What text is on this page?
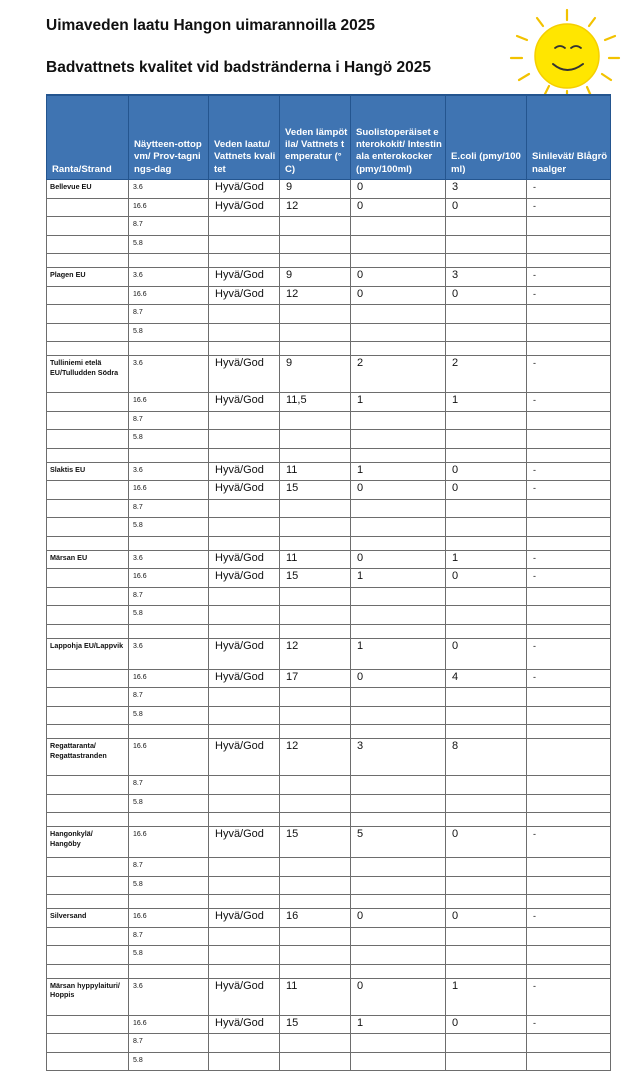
Uimaveden laatu Hangon uimarannoilla 2025
Badvattnets kvalitet vid badstränderna i Hangö 2025
Ranta/Strand	Näytteen-ottopvm/ Prov-tagnings-dag	Veden laatu/ Vattnets kvalitet	Veden lämpötila/ Vattnets temperatur (°C)	Suolistoperäiset enterokokit/ Intestinala enterokocker (pmy/100ml)	E.coli (pmy/100ml)	Sinilevät/ Blågrönaalger
Bellevue EU	3.6	Hyvä/God	9	0	3	-
	16.6	Hyvä/God	12	0	0	-
	8.7					
	5.8					

Plagen EU	3.6	Hyvä/God	9	0	3	-
	16.6	Hyvä/God	12	0	0	-
	8.7					
	5.8					

Tulliniemi etelä EU/Tulludden Södra	3.6	Hyvä/God	9	2	2	-
	16.6	Hyvä/God	11,5	1	1	-
	8.7					
	5.8					

Slaktis EU	3.6	Hyvä/God	11	1	0	-
	16.6	Hyvä/God	15	0	0	-
	8.7					
	5.8					

Märsan EU	3.6	Hyvä/God	11	0	1	-
	16.6	Hyvä/God	15	1	0	-
	8.7					
	5.8					

Lappohja EU/Lappvik	3.6	Hyvä/God	12	1	0	-
	16.6	Hyvä/God	17	0	4	-
	8.7					
	5.8					

Regattaranta/ Regattastranden	16.6	Hyvä/God	12	3	8	
	8.7					
	5.8					

Hangonkylä/ Hangöby	16.6	Hyvä/God	15	5	0	-
	8.7					
	5.8					

Silversand	16.6	Hyvä/God	16	0	0	-
	8.7					
	5.8					

Märsan hyppylaituri/ Hoppis	3.6	Hyvä/God	11	0	1	-
	16.6	Hyvä/God	15	1	0	-
	8.7					
	5.8					
